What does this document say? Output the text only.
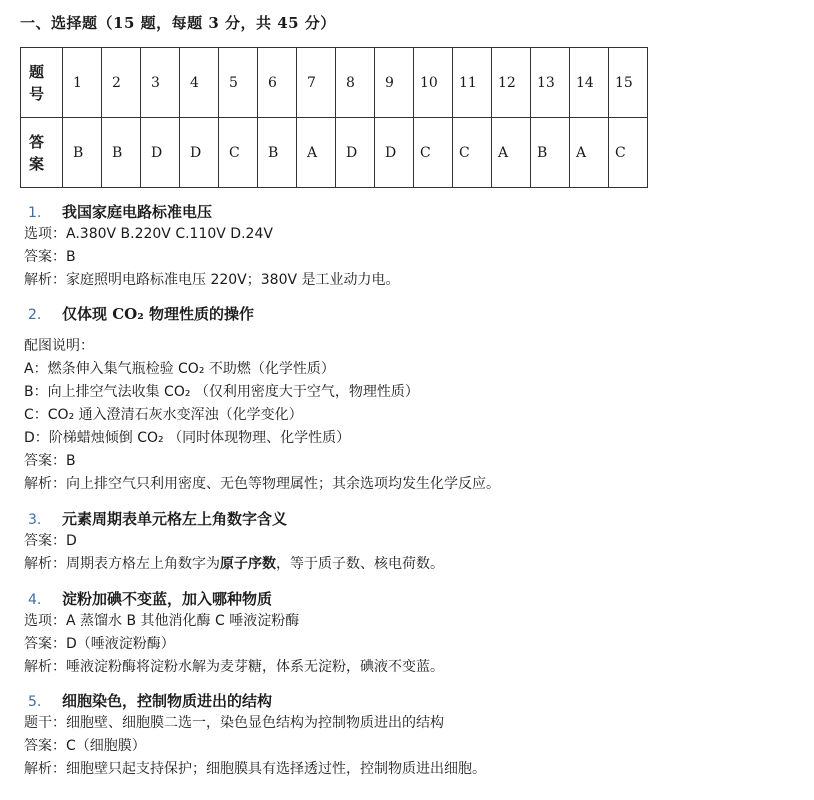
一、选择题（15 题，每题 3 分，共 45 分）
题
号	1	2	3	4	5	6	7	8	9	10	11	12	13	14	15

答
案	B	B	D	D	C	B	A	D	D	C	C	A	B	A	C
1.	我国家庭电路标准电压
选项：A.380V B.220V C.110V D.24V
答案：B
解析：家庭照明电路标准电压 220V；380V 是工业动力电。
2.	仅体现 CO₂ 物理性质的操作
配图说明：
A：燃条伸入集气瓶检验 CO₂ 不助燃（化学性质）
B：向上排空气法收集 CO₂ （仅利用密度大于空气，物理性质）
C：CO₂ 通入澄清石灰水变浑浊（化学变化）
D：阶梯蜡烛倾倒 CO₂ （同时体现物理、化学性质）
答案：B
解析：向上排空气只利用密度、无色等物理属性；其余选项均发生化学反应。
3.	元素周期表单元格左上角数字含义
答案：D
解析：周期表方格左上角数字为原子序数，等于质子数、核电荷数。
4.	淀粉加碘不变蓝，加入哪种物质
选项：A 蒸馏水 B 其他消化酶 C 唾液淀粉酶
答案：D（唾液淀粉酶）
解析：唾液淀粉酶将淀粉水解为麦芽糖，体系无淀粉，碘液不变蓝。
5.	细胞染色，控制物质进出的结构
题干：细胞壁、细胞膜二选一，染色显色结构为控制物质进出的结构
答案：C（细胞膜）
解析：细胞壁只起支持保护；细胞膜具有选择透过性，控制物质进出细胞。
